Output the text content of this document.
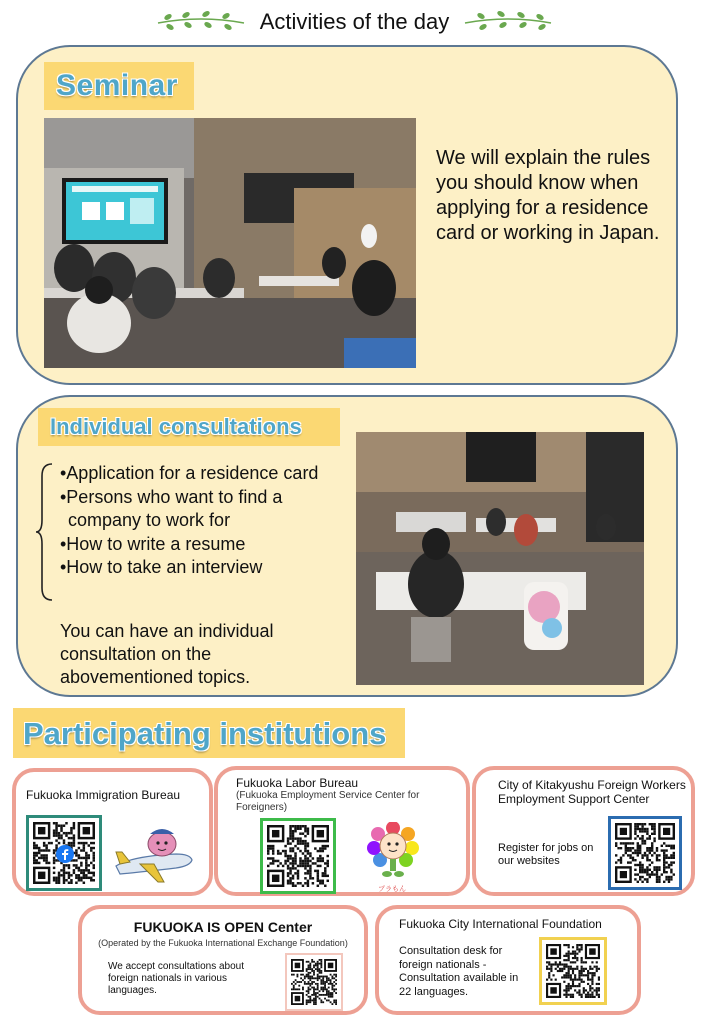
Activities of the day
Seminar
We will explain the rules you should know when applying for a residence card or working in Japan.
Individual consultations
•Application for a residence card
•Persons who want to find a company to work for
•How to write a resume
•How to take an interview
You can have an individual consultation on the abovementioned topics.
Participating institutions
Fukuoka Immigration Bureau
Fukuoka Labor Bureau
(Fukuoka Employment Service Center for Foreigners)
プラもん
City of Kitakyushu Foreign Workers Employment Support Center
Register for jobs on our websites
FUKUOKA IS OPEN Center
(Operated by the Fukuoka International Exchange Foundation)
We accept consultations about foreign nationals in various languages.
Fukuoka City International Foundation
Consultation desk for foreign nationals - Consultation available in 22 languages.
